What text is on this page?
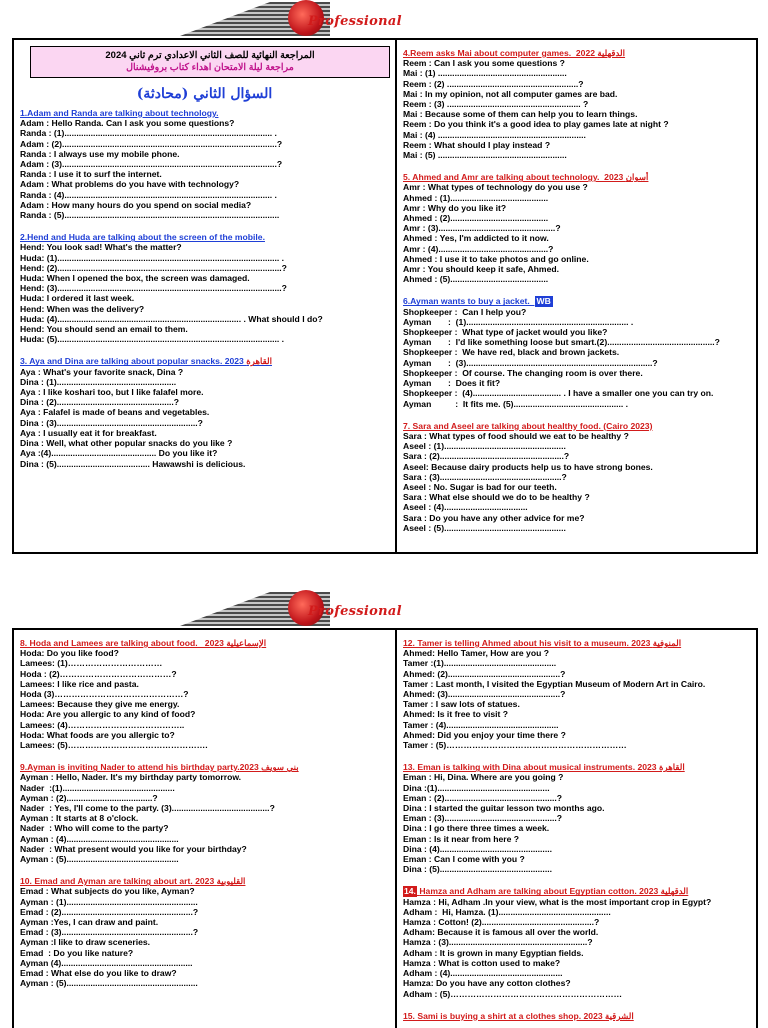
Professional
المراجعة النهائية للصف الثاني الاعدادي ترم ثاني 2024
مراجعة ليلة الامتحان اهداء كتاب بروفيشنال
السؤال الثاني (محادثة)
1.Adam and Randa are talking about technology.
Adam : Hello Randa. Can I ask you some questions?
Randa : (1)....................................................................................... .
Adam : (2)..........................................................................................?
Randa : I always use my mobile phone.
Adam : (3)..........................................................................................?
Randa : I use it to surf the internet.
Adam : What problems do you have with technology?
Randa : (4)....................................................................................... .
Adam : How many hours do you spend on social media?
Randa : (5)..........................................................................................
2.Hend and Huda are talking about the screen of the mobile.
Hend: You look sad! What's the matter?
Huda: (1)............................................................................................. .
Hend: (2)..............................................................................................?
Huda: When I opened the box, the screen was damaged.
Hend: (3)..............................................................................................?
Huda: I ordered it last week.
Hend: When was the delivery?
Huda: (4)............................................................................. . What should I do?
Hend: You should send an email to them.
Huda: (5)............................................................................................. .
3. Aya and Dina are talking about popular snacks. 2023 القاهرة
Aya : What's your favorite snack, Dina ?
Dina : (1)..................................................
Aya : I like koshari too, but I like falafel more.
Dina : (2).................................................?
Aya : Falafel is made of beans and vegetables.
Dina : (3)...........................................................?
Aya : I usually eat it for breakfast.
Dina : Well, what other popular snacks do you like ?
Aya :(4)............................................ Do you like it?
Dina : (5)....................................... Hawawshi is delicious.
4.Reem asks Mai about computer games.  2022 الدقهلية
Reem : Can I ask you some questions ?
Mai : (1) ......................................................
Reem : (2) .......................................................?
Mai : In my opinion, not all computer games are bad.
Reem : (3) ........................................................ ?
Mai : Because some of them can help you to learn things.
Reem : Do you think it's a good idea to play games late at night ?
Mai : (4) ..............................................................
Reem : What should I play instead ?
Mai : (5) ......................................................
5. Ahmed and Amr are talking about technology.  2023 أسوان
Amr : What types of technology do you use ?
Ahmed : (1).........................................
Amr : Why do you like it?
Ahmed : (2).........................................
Amr : (3).................................................?
Ahmed : Yes, I'm addicted to it now.
Amr : (4)..............................................?
Ahmed : I use it to take photos and go online.
Amr : You should keep it safe, Ahmed.
Ahmed : (5).........................................
6.Ayman wants to buy a jacket.  WB
Shopkeeper :  Can I help you?
Ayman       :  (1).................................................................... .
Shopkeeper :  What type of jacket would you like?
Ayman       :  I'd like something loose but smart.(2).............................................?
Shopkeeper :  We have red, black and brown jackets.
Ayman       :  (3)..............................................................................?
Shopkeeper :  Of course. The changing room is over there.
Ayman       :  Does it fit?
Shopkeeper :  (4)..................................... . I have a smaller one you can try on.
Ayman          :  It fits me. (5).............................................. .
7. Sara and Aseel are talking about healthy food. (Cairo 2023)
Sara : What types of food should we eat to be healthy ?
Aseel : (1)...................................................
Sara : (2)....................................................?
Aseel: Because dairy products help us to have strong bones.
Sara : (3)...................................................?
Aseel : No. Sugar is bad for our teeth.
Sara : What else should we do to be healthy ?
Aseel : (4)...................................
Sara : Do you have any other advice for me?
Aseel : (5)...................................................
Professional
8. Hoda and Lamees are talking about food.   2023 الإسماعيلية
Hoda: Do you like food?
Lamees: (1)……………………………
Hoda : (2)…………………………………?
Lamees: I like rice and pasta.
Hoda (3)………………………………………?
Lamees: Because they give me energy.
Hoda: Are you allergic to any kind of food?
Lamees: (4)…………………………………..
Hoda: What foods are you allergic to?
Lamees: (5)………………………………………….
9.Ayman is inviting Nader to attend his birthday party.2023 بني سويف
Ayman : Hello, Nader. It's my birthday party tomorrow.
Nader  :(1)...............................................
Ayman : (2)....................................?
Nader  : Yes, I'll come to the party. (3).........................................?
Ayman : It starts at 8 o'clock.
Nader  : Who will come to the party?
Ayman : (4)...............................................
Nader  : What present would you like for your birthday?
Ayman : (5)...............................................
10. Emad and Ayman are talking about art. 2023 القليوبية
Emad : What subjects do you like, Ayman?
Ayman : (1).......................................................
Emad : (2).......................................................?
Ayman :Yes, I can draw and paint.
Emad : (3).......................................................?
Ayman :I like to draw sceneries.
Emad  : Do you like nature?
Ayman (4).......................................................
Emad : What else do you like to draw?
Ayman : (5).......................................................
12. Tamer is telling Ahmed about his visit to a museum. 2023 المنوفية
Ahmed: Hello Tamer, How are you ?
Tamer :(1)...............................................
Ahmed: (2)...............................................?
Tamer : Last month, I visited the Egyptian Museum of Modern Art in Cairo.
Ahmed: (3)...............................................?
Tamer : I saw lots of statues.
Ahmed: Is it free to visit ?
Tamer : (4)...............................................
Ahmed: Did you enjoy your time there ?
Tamer : (5)………………………………………………………
13. Eman is talking with Dina about musical instruments. 2023 القاهرة
Eman : Hi, Dina. Where are you going ?
Dina :(1)...............................................
Eman : (2)...............................................?
Dina : I started the guitar lesson two months ago.
Eman : (3)...............................................?
Dina : I go there three times a week.
Eman : Is it near from here ?
Dina : (4)...............................................
Eman : Can I come with you ?
Dina : (5)...............................................
14. Hamza and Adham are talking about Egyptian cotton. 2023 الدقهلية
Hamza : Hi, Adham .In your view, what is the most important crop in Egypt?
Adham :  Hi, Hamza. (1)...............................................
Hamza : Cotton! (2)...............................................?
Adham: Because it is famous all over the world.
Hamza : (3)..........................................................?
Adham : It is grown in many Egyptian fields.
Hamza : What is cotton used to make?
Adham : (4)...............................................
Hamza: Do you have any cotton clothes?
Adham : (5)……………………………………………………
15. Sami is buying a shirt at a clothes shop. 2023 الشرقية
